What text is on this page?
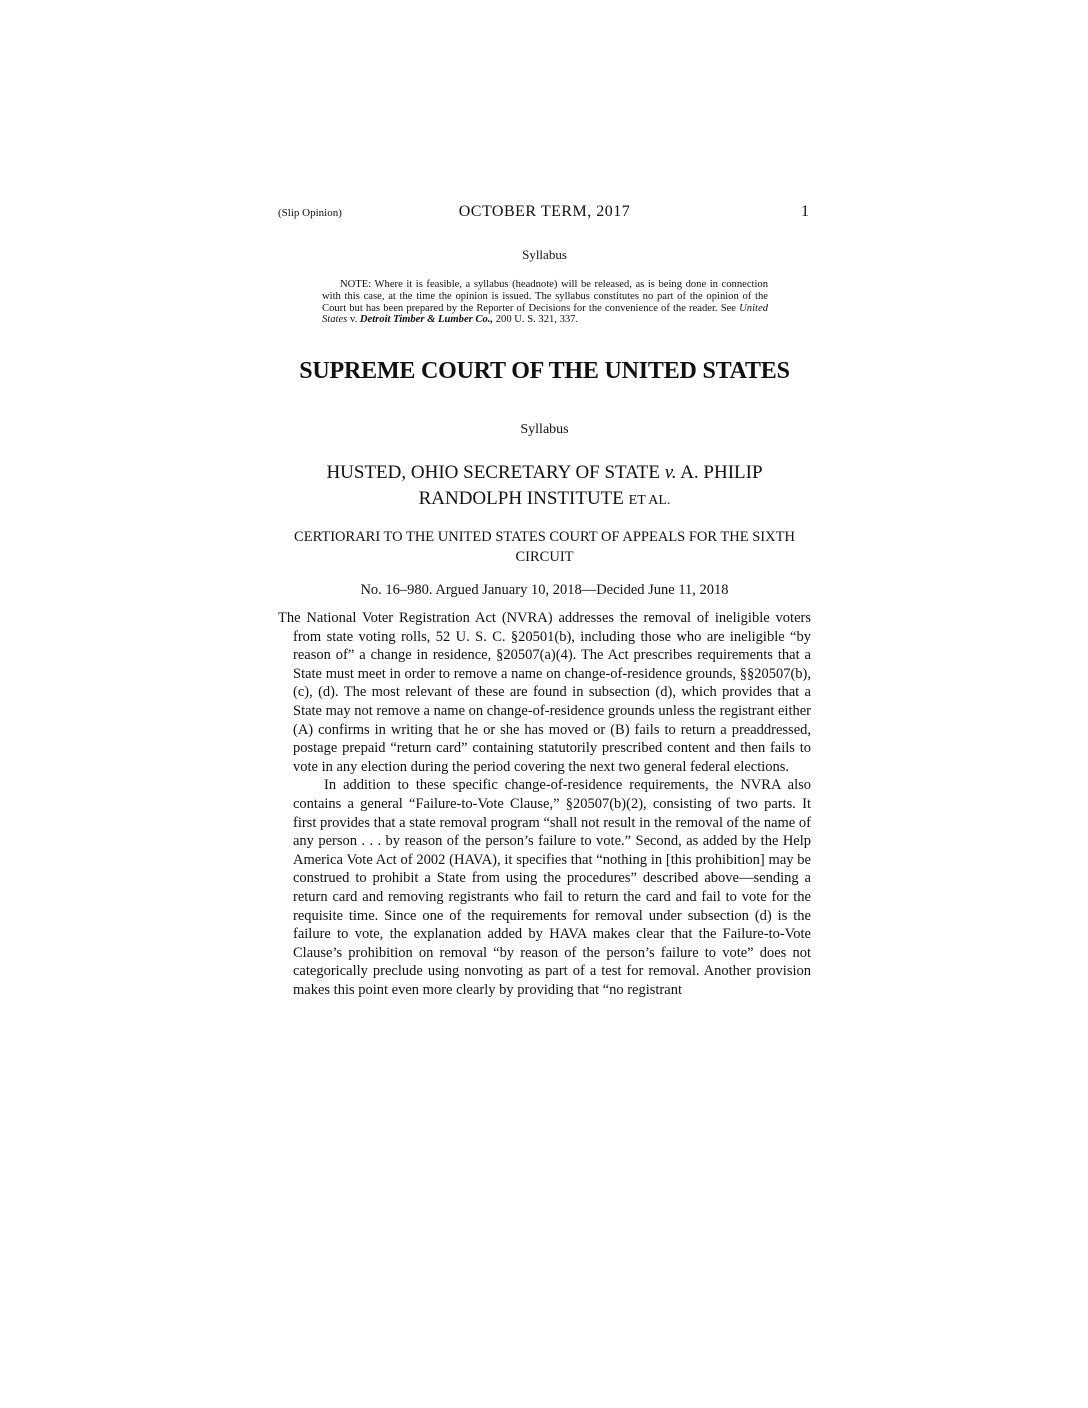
(Slip Opinion)	OCTOBER TERM, 2017	1
Syllabus
NOTE: Where it is feasible, a syllabus (headnote) will be released, as is being done in connection with this case, at the time the opinion is issued. The syllabus constitutes no part of the opinion of the Court but has been prepared by the Reporter of Decisions for the convenience of the reader. See United States v. Detroit Timber & Lumber Co., 200 U. S. 321, 337.
SUPREME COURT OF THE UNITED STATES
Syllabus
HUSTED, OHIO SECRETARY OF STATE v. A. PHILIP RANDOLPH INSTITUTE ET AL.
CERTIORARI TO THE UNITED STATES COURT OF APPEALS FOR THE SIXTH CIRCUIT
No. 16–980. Argued January 10, 2018—Decided June 11, 2018

The National Voter Registration Act (NVRA) addresses the removal of ineligible voters from state voting rolls, 52 U. S. C. §20501(b), including those who are ineligible “by reason of” a change in residence, §20507(a)(4). The Act prescribes requirements that a State must meet in order to remove a name on change-of-residence grounds, §§20507(b), (c), (d). The most relevant of these are found in subsection (d), which provides that a State may not remove a name on change-of-residence grounds unless the registrant either (A) confirms in writing that he or she has moved or (B) fails to return a preaddressed, postage prepaid “return card” containing statutorily prescribed content and then fails to vote in any election during the period covering the next two general federal elections.

In addition to these specific change-of-residence requirements, the NVRA also contains a general “Failure-to-Vote Clause,” §20507(b)(2), consisting of two parts. It first provides that a state removal program “shall not result in the removal of the name of any person . . . by reason of the person’s failure to vote.” Second, as added by the Help America Vote Act of 2002 (HAVA), it specifies that “nothing in [this prohibition] may be construed to prohibit a State from using the procedures” described above—sending a return card and removing registrants who fail to return the card and fail to vote for the requisite time. Since one of the requirements for removal under subsection (d) is the failure to vote, the explanation added by HAVA makes clear that the Failure-to-Vote Clause’s prohibition on removal “by reason of the person’s failure to vote” does not categorically preclude using nonvoting as part of a test for removal. Another provision makes this point even more clearly by providing that “no registrant
